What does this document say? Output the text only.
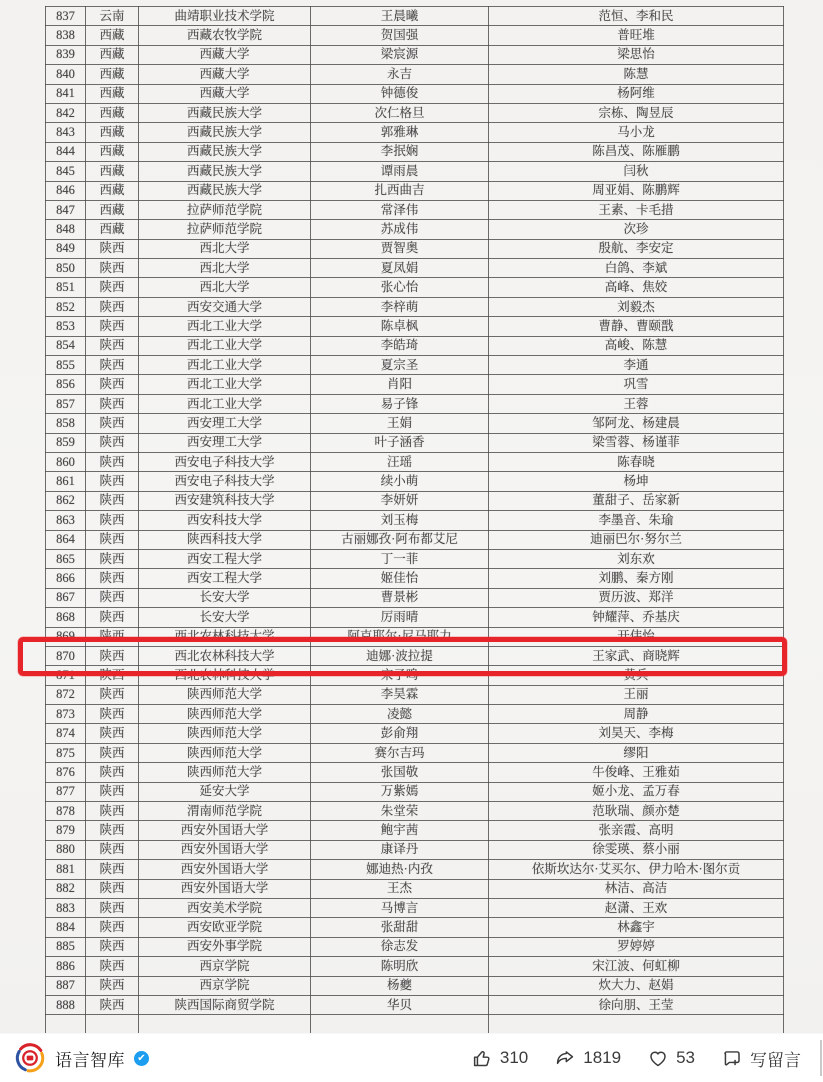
837	云南	曲靖职业技术学院	王晨曦	范恒、李和民
838	西藏	西藏农牧学院	贺国强	普旺堆
839	西藏	西藏大学	梁宸源	梁思怡
840	西藏	西藏大学	永吉	陈慧
841	西藏	西藏大学	钟德俊	杨阿维
842	西藏	西藏民族大学	次仁格旦	宗栋、陶昱辰
843	西藏	西藏民族大学	郭雅琳	马小龙
844	西藏	西藏民族大学	李抿娴	陈昌茂、陈雁鹏
845	西藏	西藏民族大学	谭雨晨	闫秋
846	西藏	西藏民族大学	扎西曲吉	周亚娟、陈鹏辉
847	西藏	拉萨师范学院	常泽伟	王素、卡毛措
848	西藏	拉萨师范学院	苏成伟	次珍
849	陕西	西北大学	贾智奥	殷航、李安定
850	陕西	西北大学	夏凤娟	白鸽、李斌
851	陕西	西北大学	张心怡	高峰、焦姣
852	陕西	西安交通大学	李梓萌	刘毅杰
853	陕西	西北工业大学	陈卓枫	曹静、曹颐戬
854	陕西	西北工业大学	李皓琦	高峻、陈慧
855	陕西	西北工业大学	夏宗圣	李通
856	陕西	西北工业大学	肖阳	巩雪
857	陕西	西北工业大学	易子锋	王蓉
858	陕西	西安理工大学	王娟	邹阿龙、杨建晨
859	陕西	西安理工大学	叶子涵香	梁雪蓉、杨谨菲
860	陕西	西安电子科技大学	汪瑶	陈春晓
861	陕西	西安电子科技大学	续小萌	杨坤
862	陕西	西安建筑科技大学	李妍妍	董甜子、岳家新
863	陕西	西安科技大学	刘玉梅	李墨音、朱瑜
864	陕西	陕西科技大学	古丽娜孜·阿布都艾尼	迪丽巴尔·努尔兰
865	陕西	西安工程大学	丁一菲	刘东欢
866	陕西	西安工程大学	姬佳怡	刘鹏、秦方刚
867	陕西	长安大学	曹景彬	贾历波、郑洋
868	陕西	长安大学	厉雨晴	钟耀萍、乔基庆
869	陕西	西北农林科技大学	阿克耶尔·尼马耶力	开伟怡
870	陕西	西北农林科技大学	迪娜·波拉提	王家武、商晓辉
871	陕西	西北农林科技大学	宋子鸣	黄兵
872	陕西	陕西师范大学	李昊霖	王丽
873	陕西	陕西师范大学	凌懿	周静
874	陕西	陕西师范大学	彭俞翔	刘昊天、李梅
875	陕西	陕西师范大学	赛尔吉玛	缪阳
876	陕西	陕西师范大学	张国敬	牛俊峰、王雅茹
877	陕西	延安大学	万紫嫣	姬小龙、孟万春
878	陕西	渭南师范学院	朱堂荣	范耿瑞、颜亦楚
879	陕西	西安外国语大学	鲍宇茜	张亲霞、高明
880	陕西	西安外国语大学	康译丹	徐雯瑛、蔡小丽
881	陕西	西安外国语大学	娜迪热·内孜	依斯坎达尔·艾买尔、伊力哈木·图尔贡
882	陕西	西安外国语大学	王杰	林洁、高洁
883	陕西	西安美术学院	马博言	赵潇、王欢
884	陕西	西安欧亚学院	张甜甜	林鑫宇
885	陕西	西安外事学院	徐志发	罗婷婷
886	陕西	西京学院	陈明欣	宋江波、何虹柳
887	陕西	西京学院	杨夔	炊大力、赵娟
888	陕西	陕西国际商贸学院	华贝	徐向朋、王莹

语言智库	✔	310	1819	53	写留言
